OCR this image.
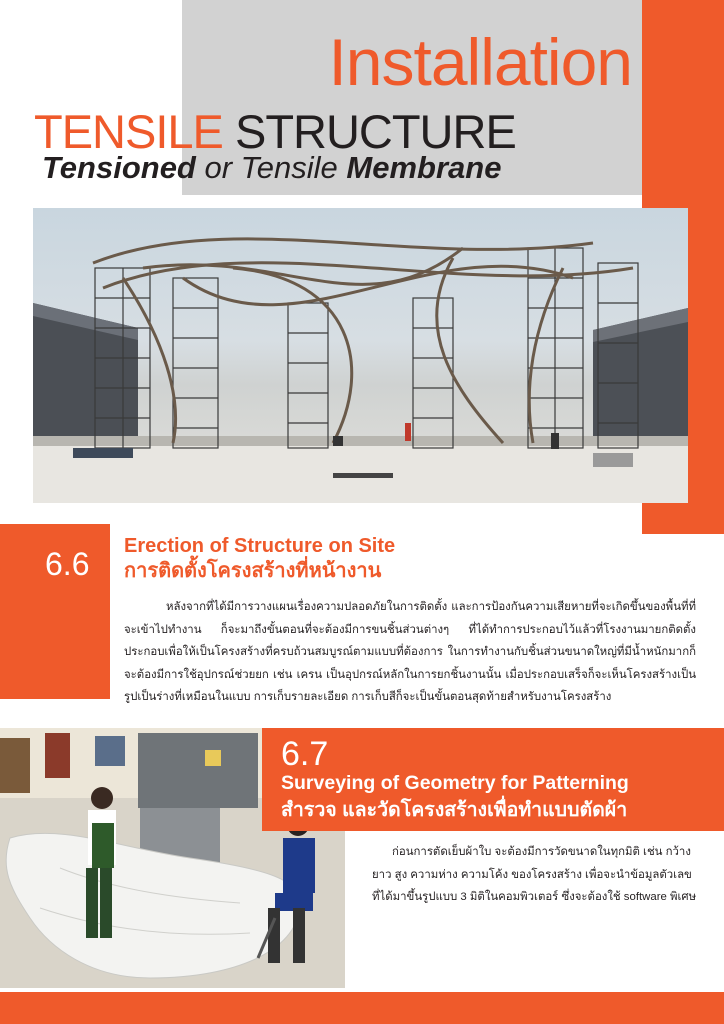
Installation
TENSILE STRUCTURE
Tensioned or Tensile Membrane
6.6 Erection of Structure on Site
การติดตั้งโครงสร้างที่หน้างาน
หลังจากที่ได้มีการวางแผนเรื่องความปลอดภัยในการติดตั้ง และการป้องกันความเสียหายที่จะเกิดขึ้นของพื้นที่ที่จะเข้าไปทำงาน ก็จะมาถึงขั้นตอนที่จะต้องมีการขนชิ้นส่วนต่างๆ ที่ได้ทำการประกอบไว้แล้วที่โรงงานมายกติดตั้งประกอบเพื่อให้เป็นโครงสร้างที่ครบถ้วนสมบูรณ์ตามแบบที่ต้องการ ในการทำงานกับชิ้นส่วนขนาดใหญ่ที่มีน้ำหนักมากก็จะต้องมีการใช้อุปกรณ์ช่วยยก เช่น เครน เป็นอุปกรณ์หลักในการยกชิ้นงานนั้น เมื่อประกอบเสร็จก็จะเห็นโครงสร้างเป็นรูปเป็นร่างที่เหมือนในแบบ การเก็บรายละเอียด การเก็บสีก็จะเป็นขั้นตอนสุดท้ายสำหรับงานโครงสร้าง
6.7
Surveying of Geometry for Patterning
สำรวจ และวัดโครงสร้างเพื่อทำแบบตัดผ้า
ก่อนการตัดเย็บผ้าใบ จะต้องมีการวัดขนาดในทุกมิติ เช่น กว้าง ยาว สูง ความห่าง ความโค้ง ของโครงสร้าง เพื่อจะนำข้อมูลตัวเลขที่ได้มาขึ้นรูปแบบ 3 มิติในคอมพิวเตอร์ ซึ่งจะต้องใช้ software พิเศษ
